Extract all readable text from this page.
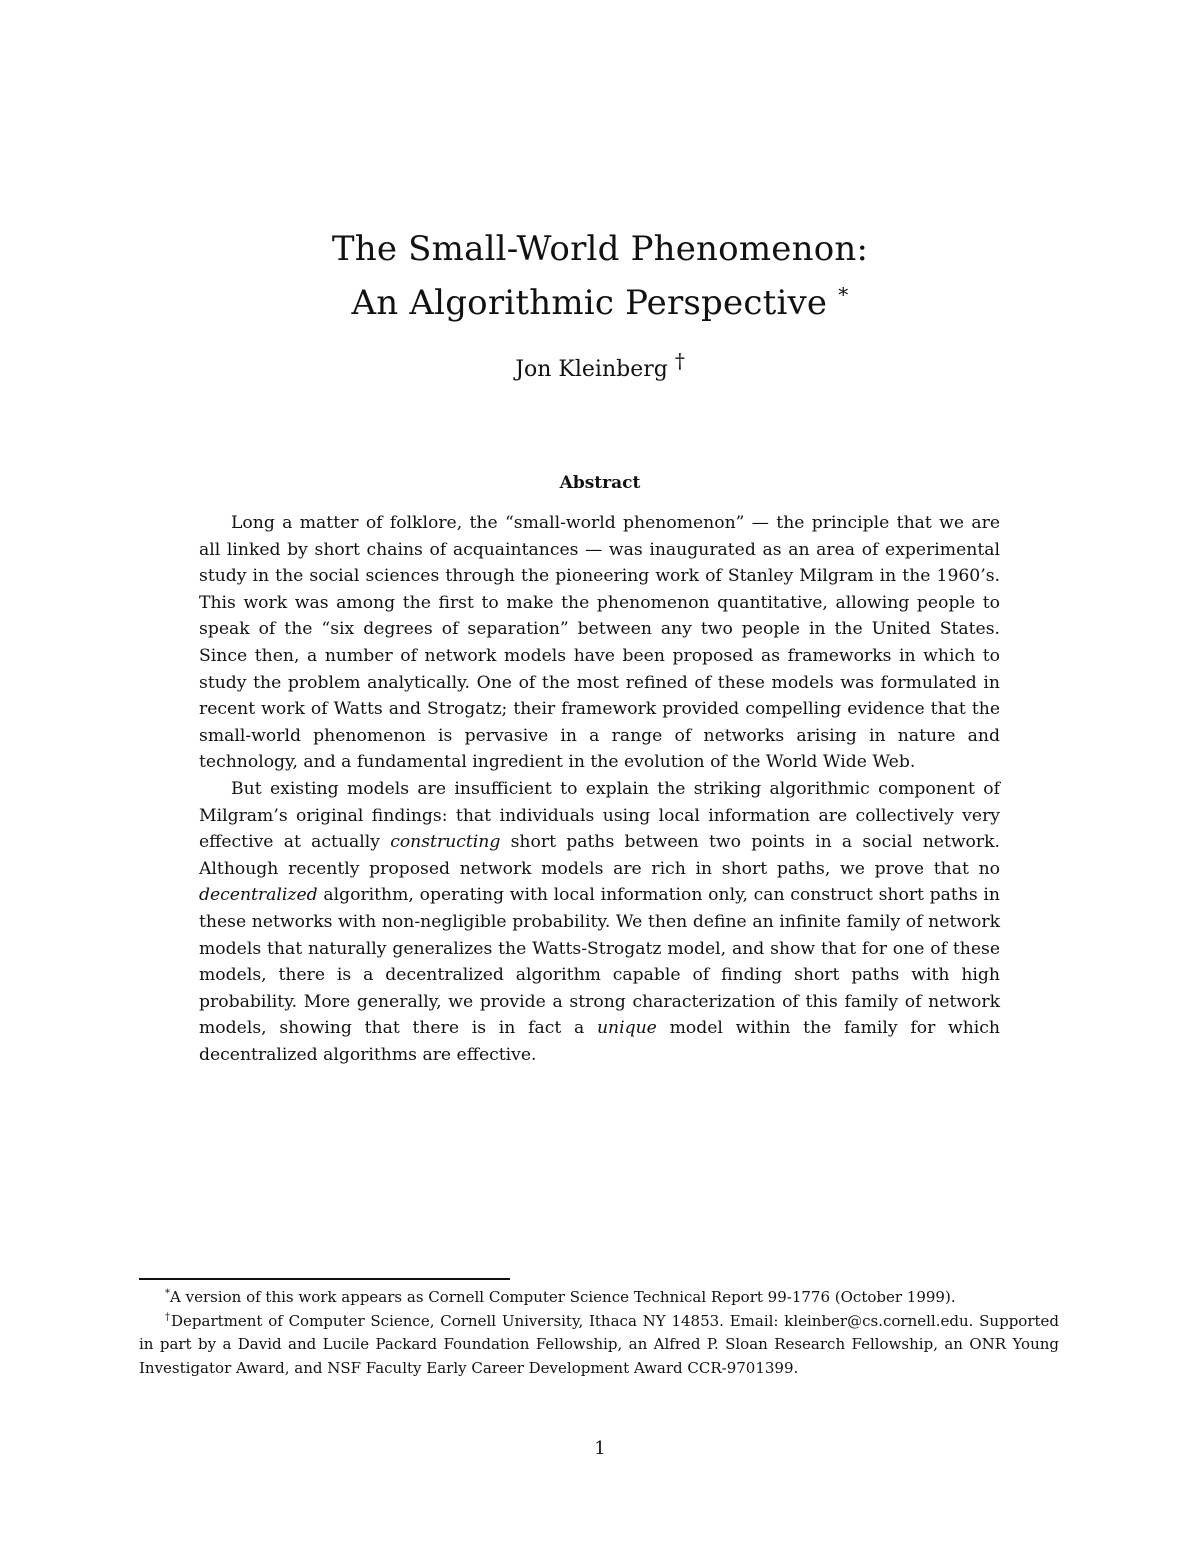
The Small-World Phenomenon:
An Algorithmic Perspective *
Jon Kleinberg †
Abstract

Long a matter of folklore, the “small-world phenomenon” — the principle that we are all linked by short chains of acquaintances — was inaugurated as an area of experimental study in the social sciences through the pioneering work of Stanley Milgram in the 1960’s. This work was among the first to make the phenomenon quantitative, allowing people to speak of the “six degrees of separation” between any two people in the United States. Since then, a number of network models have been proposed as frameworks in which to study the problem analytically. One of the most refined of these models was formulated in recent work of Watts and Strogatz; their framework provided compelling evidence that the small-world phenomenon is pervasive in a range of networks arising in nature and technology, and a fundamental ingredient in the evolution of the World Wide Web.

But existing models are insufficient to explain the striking algorithmic component of Milgram’s original findings: that individuals using local information are collectively very effective at actually constructing short paths between two points in a social network. Although recently proposed network models are rich in short paths, we prove that no decentralized algorithm, operating with local information only, can construct short paths in these networks with non-negligible probability. We then define an infinite family of network models that naturally generalizes the Watts-Strogatz model, and show that for one of these models, there is a decentralized algorithm capable of finding short paths with high probability. More generally, we provide a strong characterization of this family of network models, showing that there is in fact a unique model within the family for which decentralized algorithms are effective.

*A version of this work appears as Cornell Computer Science Technical Report 99-1776 (October 1999).

†Department of Computer Science, Cornell University, Ithaca NY 14853. Email: kleinber@cs.cornell.edu. Supported in part by a David and Lucile Packard Foundation Fellowship, an Alfred P. Sloan Research Fellowship, an ONR Young Investigator Award, and NSF Faculty Early Career Development Award CCR-9701399.

1
